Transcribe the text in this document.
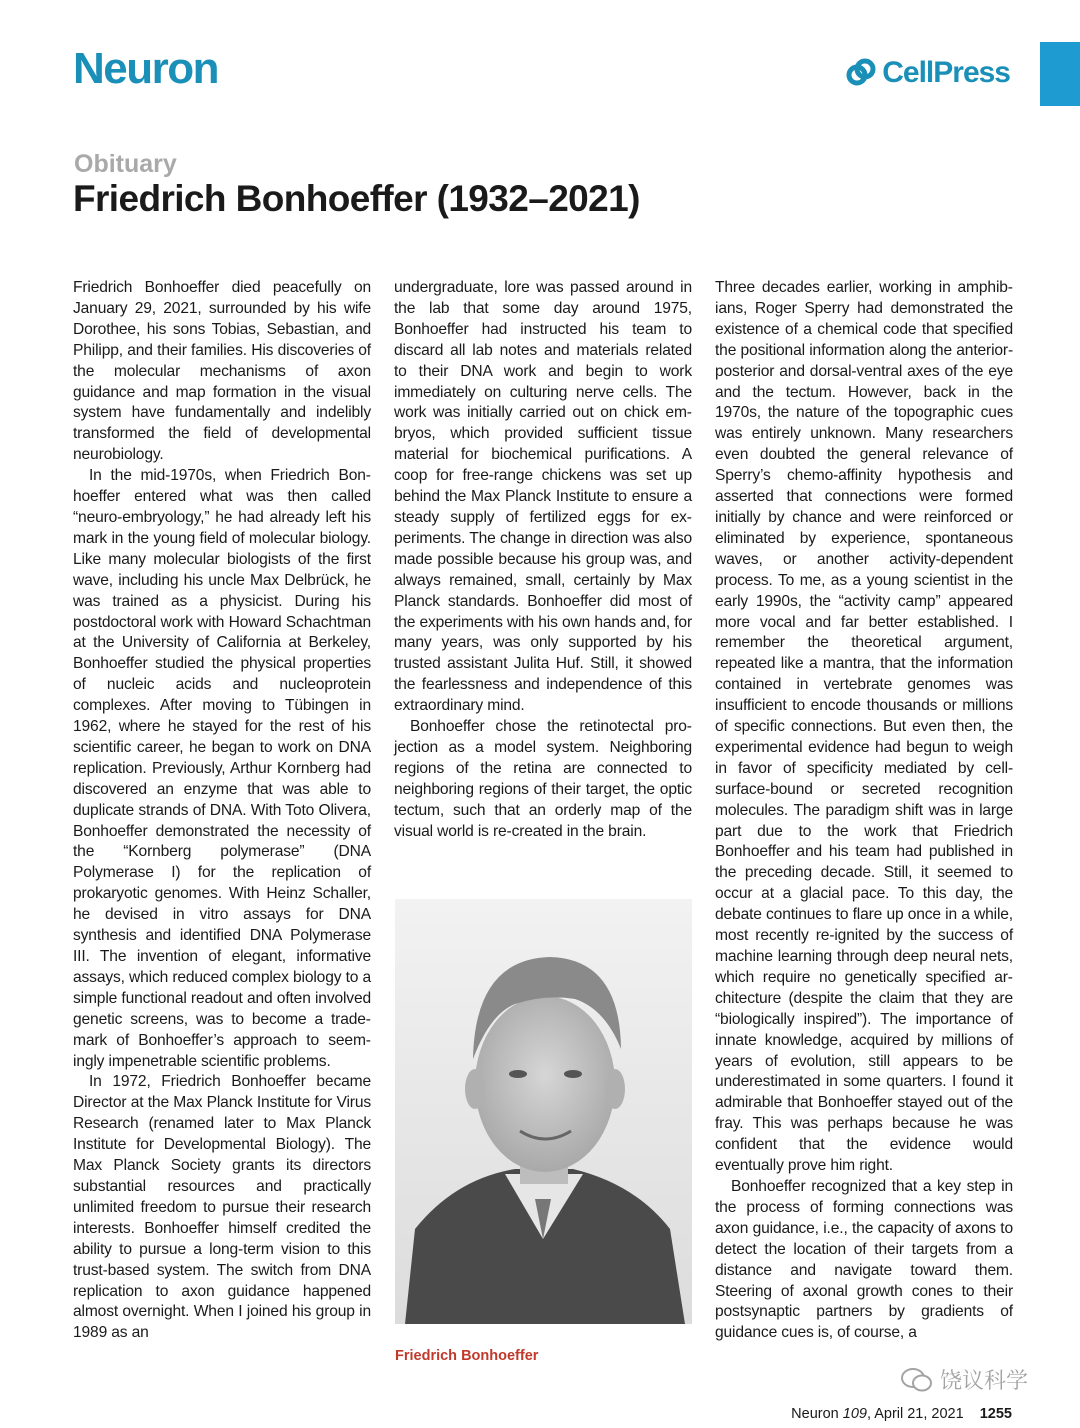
Neuron	CellPress
Obituary
Friedrich Bonhoeffer (1932–2021)

Friedrich Bonhoeffer died peacefully on January 29, 2021, surrounded by his wife Dorothee, his sons Tobias, Sebastian, and Philipp, and their families. His discoveries of the molecular mechanisms of axon guidance and map formation in the visual system have fundamentally and indelibly transformed the field of developmental neurobiology.

In the mid-1970s, when Friedrich Bonhoeffer entered what was then called “neuro-embryology,” he had already left his mark in the young field of molecular biology. Like many molecular biologists of the first wave, including his uncle Max Delbrück, he was trained as a physicist. During his postdoctoral work with Howard Schachtman at the University of California at Berkeley, Bonhoeffer studied the physical properties of nucleic acids and nucleoprotein complexes. After moving to Tübingen in 1962, where he stayed for the rest of his scientific career, he began to work on DNA replication. Previously, Arthur Kornberg had discovered an enzyme that was able to duplicate strands of DNA. With Toto Olivera, Bonhoeffer demonstrated the necessity of the “Kornberg polymerase” (DNA Polymerase I) for the replication of prokaryotic genomes. With Heinz Schaller, he devised in vitro assays for DNA synthesis and identified DNA Polymerase III. The invention of elegant, informative assays, which reduced complex biology to a simple functional readout and often involved genetic screens, was to become a trademark of Bonhoeffer’s approach to seemingly impenetrable scientific problems.

In 1972, Friedrich Bonhoeffer became Director at the Max Planck Institute for Virus Research (renamed later to Max Planck Institute for Developmental Biology). The Max Planck Society grants its directors substantial resources and practically unlimited freedom to pursue their research interests. Bonhoeffer himself credited the ability to pursue a long-term vision to this trust-based system. The switch from DNA replication to axon guidance happened almost overnight. When I joined his group in 1989 as an

undergraduate, lore was passed around in the lab that some day around 1975, Bonhoeffer had instructed his team to discard all lab notes and materials related to their DNA work and begin to work immediately on culturing nerve cells. The work was initially carried out on chick embryos, which provided sufficient tissue material for biochemical purifications. A coop for free-range chickens was set up behind the Max Planck Institute to ensure a steady supply of fertilized eggs for experiments. The change in direction was also made possible because his group was, and always remained, small, certainly by Max Planck standards. Bonhoeffer did most of the experiments with his own hands and, for many years, was only supported by his trusted assistant Julita Huf. Still, it showed the fearlessness and independence of this extraordinary mind.

Bonhoeffer chose the retinotectal projection as a model system. Neighboring regions of the retina are connected to neighboring regions of their target, the optic tectum, such that an orderly map of the visual world is re-created in the brain.

Friedrich Bonhoeffer

Three decades earlier, working in amphibians, Roger Sperry had demonstrated the existence of a chemical code that specified the positional information along the anterior-posterior and dorsal-ventral axes of the eye and the tectum. However, back in the 1970s, the nature of the topographic cues was entirely unknown. Many researchers even doubted the general relevance of Sperry’s chemo-affinity hypothesis and asserted that connections were formed initially by chance and were reinforced or eliminated by experience, spontaneous waves, or another activity-dependent process. To me, as a young scientist in the early 1990s, the “activity camp” appeared more vocal and far better established. I remember the theoretical argument, repeated like a mantra, that the information contained in vertebrate genomes was insufficient to encode thousands or millions of specific connections. But even then, the experimental evidence had begun to weigh in favor of specificity mediated by cell-surface-bound or secreted recognition molecules. The paradigm shift was in large part due to the work that Friedrich Bonhoeffer and his team had published in the preceding decade. Still, it seemed to occur at a glacial pace. To this day, the debate continues to flare up once in a while, most recently re-ignited by the success of machine learning through deep neural nets, which require no genetically specified architecture (despite the claim that they are “biologically inspired”). The importance of innate knowledge, acquired by millions of years of evolution, still appears to be underestimated in some quarters. I found it admirable that Bonhoeffer stayed out of the fray. This was perhaps because he was confident that the evidence would eventually prove him right.

Bonhoeffer recognized that a key step in the process of forming connections was axon guidance, i.e., the capacity of axons to detect the location of their targets from a distance and navigate toward them. Steering of axonal growth cones to their postsynaptic partners by gradients of guidance cues is, of course, a

饶议科学
Neuron 109, April 21, 2021 1255
